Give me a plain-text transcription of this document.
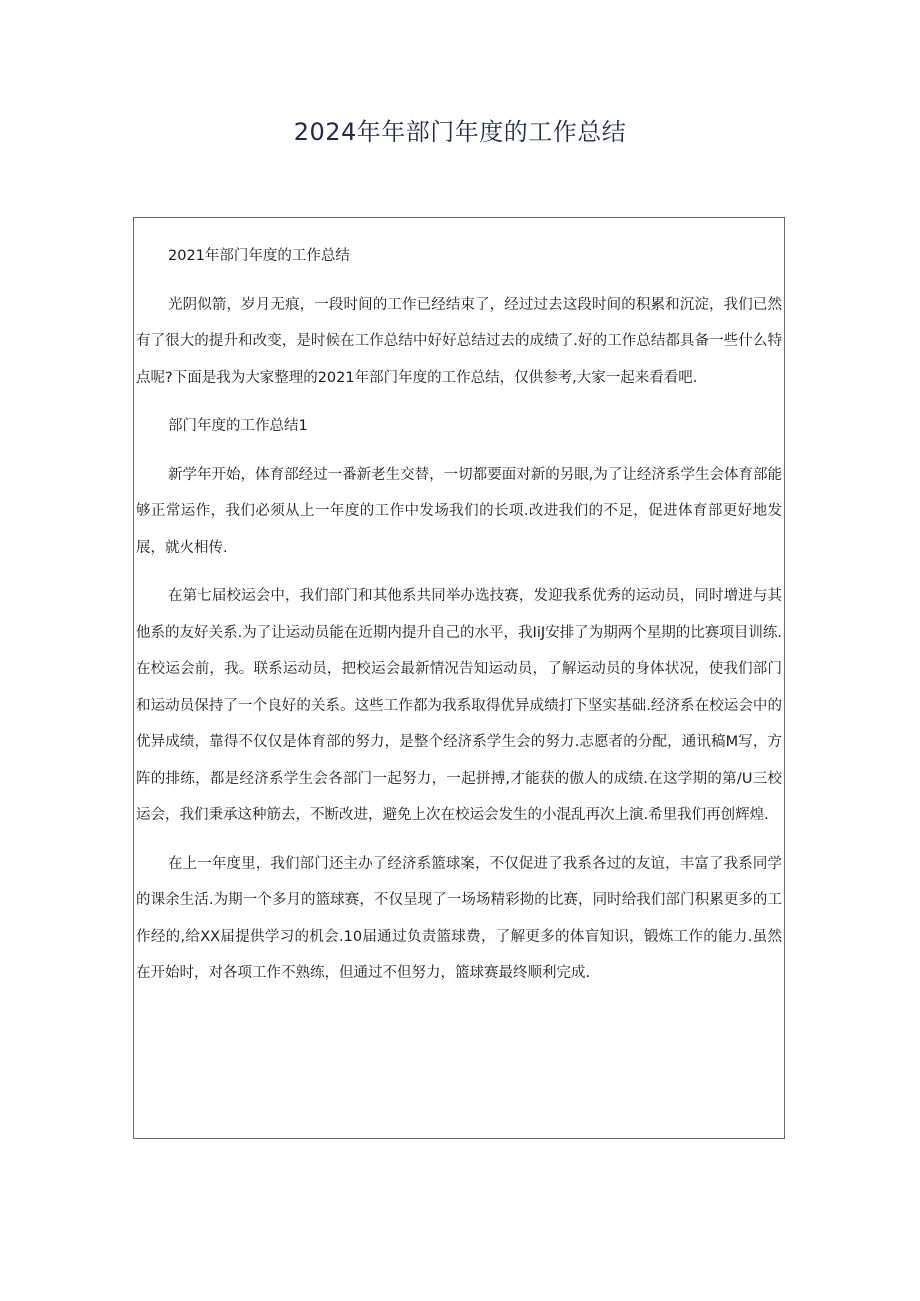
2024年年部门年度的工作总结

2021年部门年度的工作总结

光阴似箭，岁月无痕，一段时间的工作已经结束了，经过过去这段时间的积累和沉淀，我们已然有了很大的提升和改变，是时候在工作总结中好好总结过去的成绩了.好的工作总结都具备一些什么特点呢?下面是我为大家整理的2021年部门年度的工作总结，仅供参考,大家一起来看看吧.

部门年度的工作总结1

新学年开始，体育部经过一番新老生交替，一切都要面对新的另眼,为了让经济系学生会体育部能够正常运作，我们必须从上一年度的工作中发场我们的长项.改进我们的不足，促进体育部更好地发展，就火相传.

在第七届校运会中，我们部门和其他系共同举办选技赛，发迎我系优秀的运动员，同时增进与其他系的友好关系.为了让运动员能在近期内提升自己的水平，我IiJ安排了为期两个星期的比赛项目训练.在校运会前，我。联系运动员，把校运会最新情况告知运动员，了解运动员的身体状况，使我们部门和运动员保持了一个良好的关系。这些工作都为我系取得优异成绩打下坚实基础.经济系在校运会中的优异成绩，靠得不仅仅是体育部的努力，是整个经济系学生会的努力.志愿者的分配，通讯稿M写，方阵的排练，都是经济系学生会各部门一起努力，一起拼搏,才能获的傲人的成绩.在这学期的第/U三校运会，我们秉承这种筋去，不断改进，避免上次在校运会发生的小混乱再次上演.希里我们再创辉煌.

在上一年度里，我们部门还主办了经济系篮球案，不仅促进了我系各过的友谊，丰富了我系同学的课余生活.为期一个多月的篮球赛，不仅呈现了一场场精彩拗的比赛，同时给我们部门积累更多的工作经的,给XX届提供学习的机会.10届通过负责篮球费，了解更多的体盲知识，锻炼工作的能力.虽然在开始时，对各项工作不熟练，但通过不但努力，篮球赛最终顺利完成.
